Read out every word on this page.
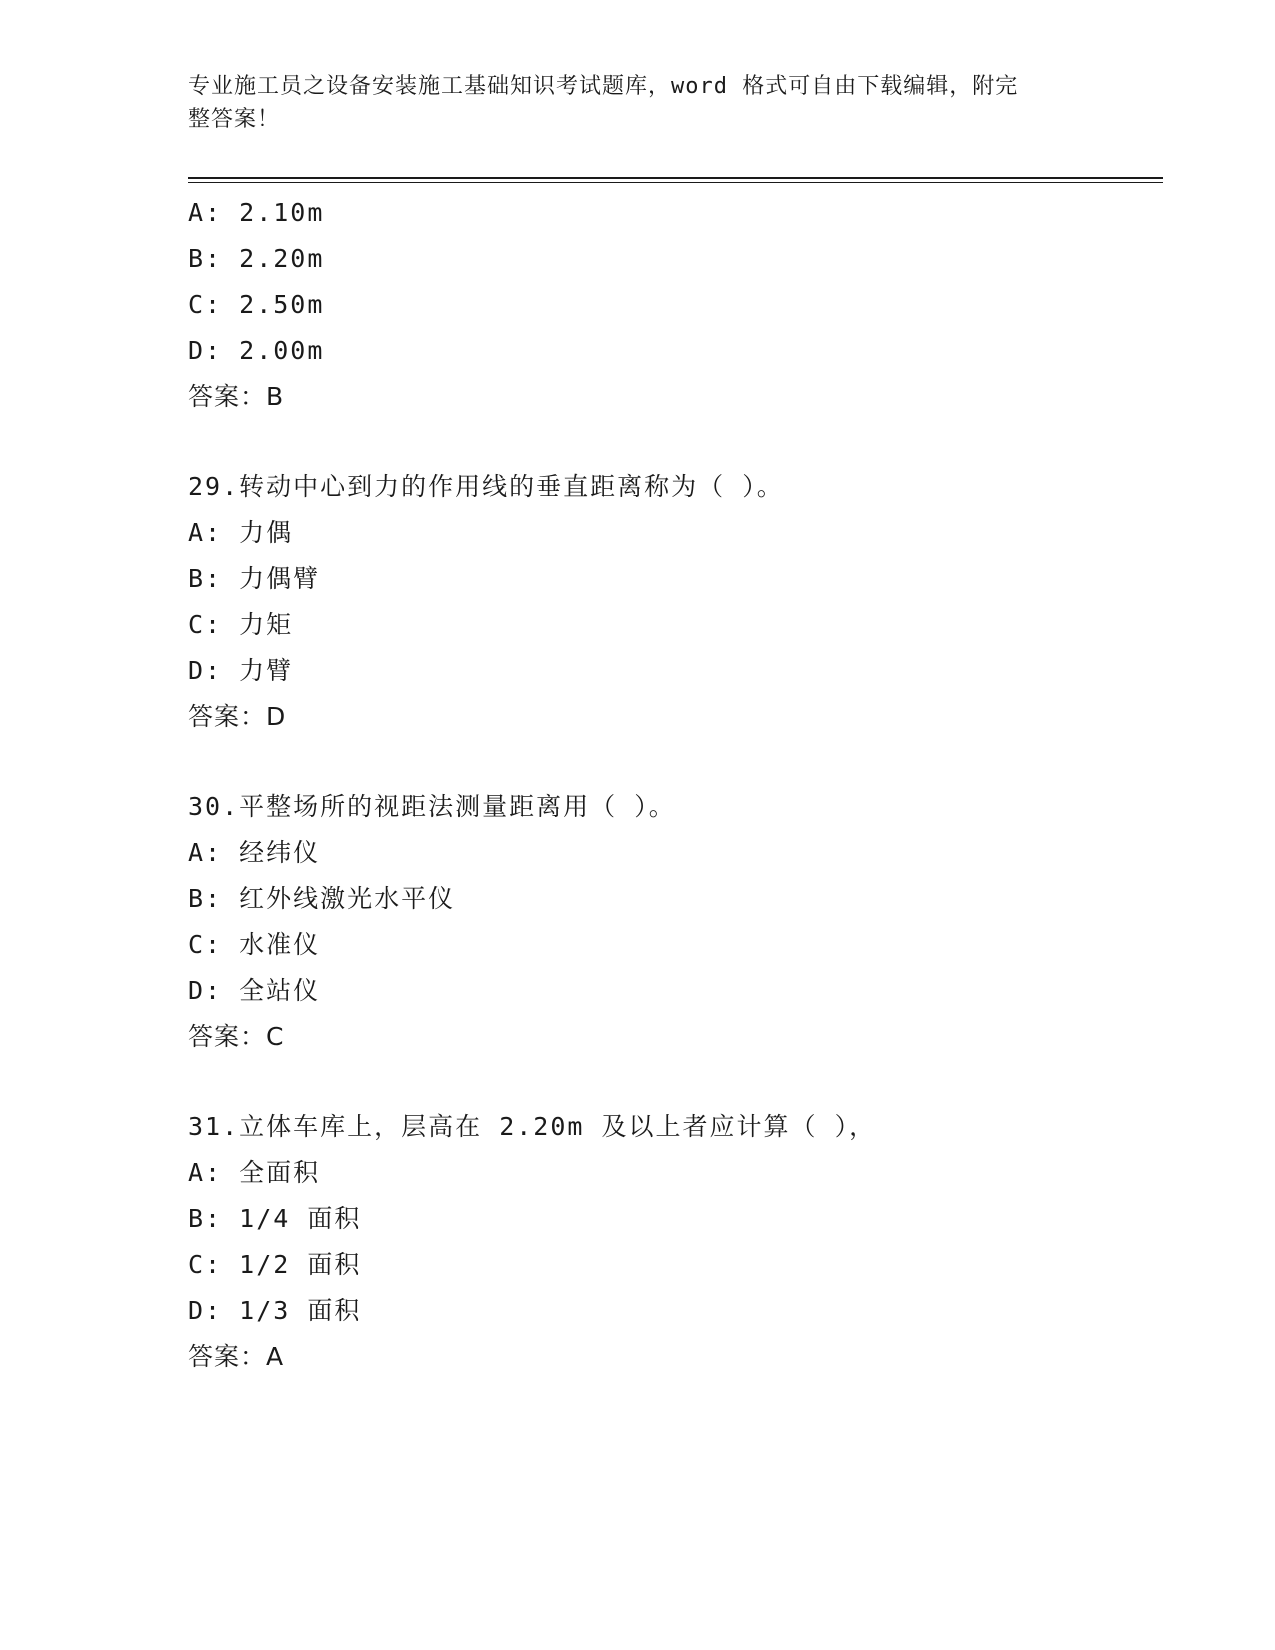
专业施工员之设备安装施工基础知识考试题库，word 格式可自由下载编辑，附完
整答案！
A: 2.10m
B: 2.20m
C: 2.50m
D: 2.00m
答案：B
29.转动中心到力的作用线的垂直距离称为（ ）。
A: 力偶
B: 力偶臂
C: 力矩
D: 力臂
答案：D
30.平整场所的视距法测量距离用（ ）。
A: 经纬仪
B: 红外线激光水平仪
C: 水准仪
D: 全站仪
答案：C
31.立体车库上，层高在 2.20m 及以上者应计算（ ），
A: 全面积
B: 1/4 面积
C: 1/2 面积
D: 1/3 面积
答案：A
